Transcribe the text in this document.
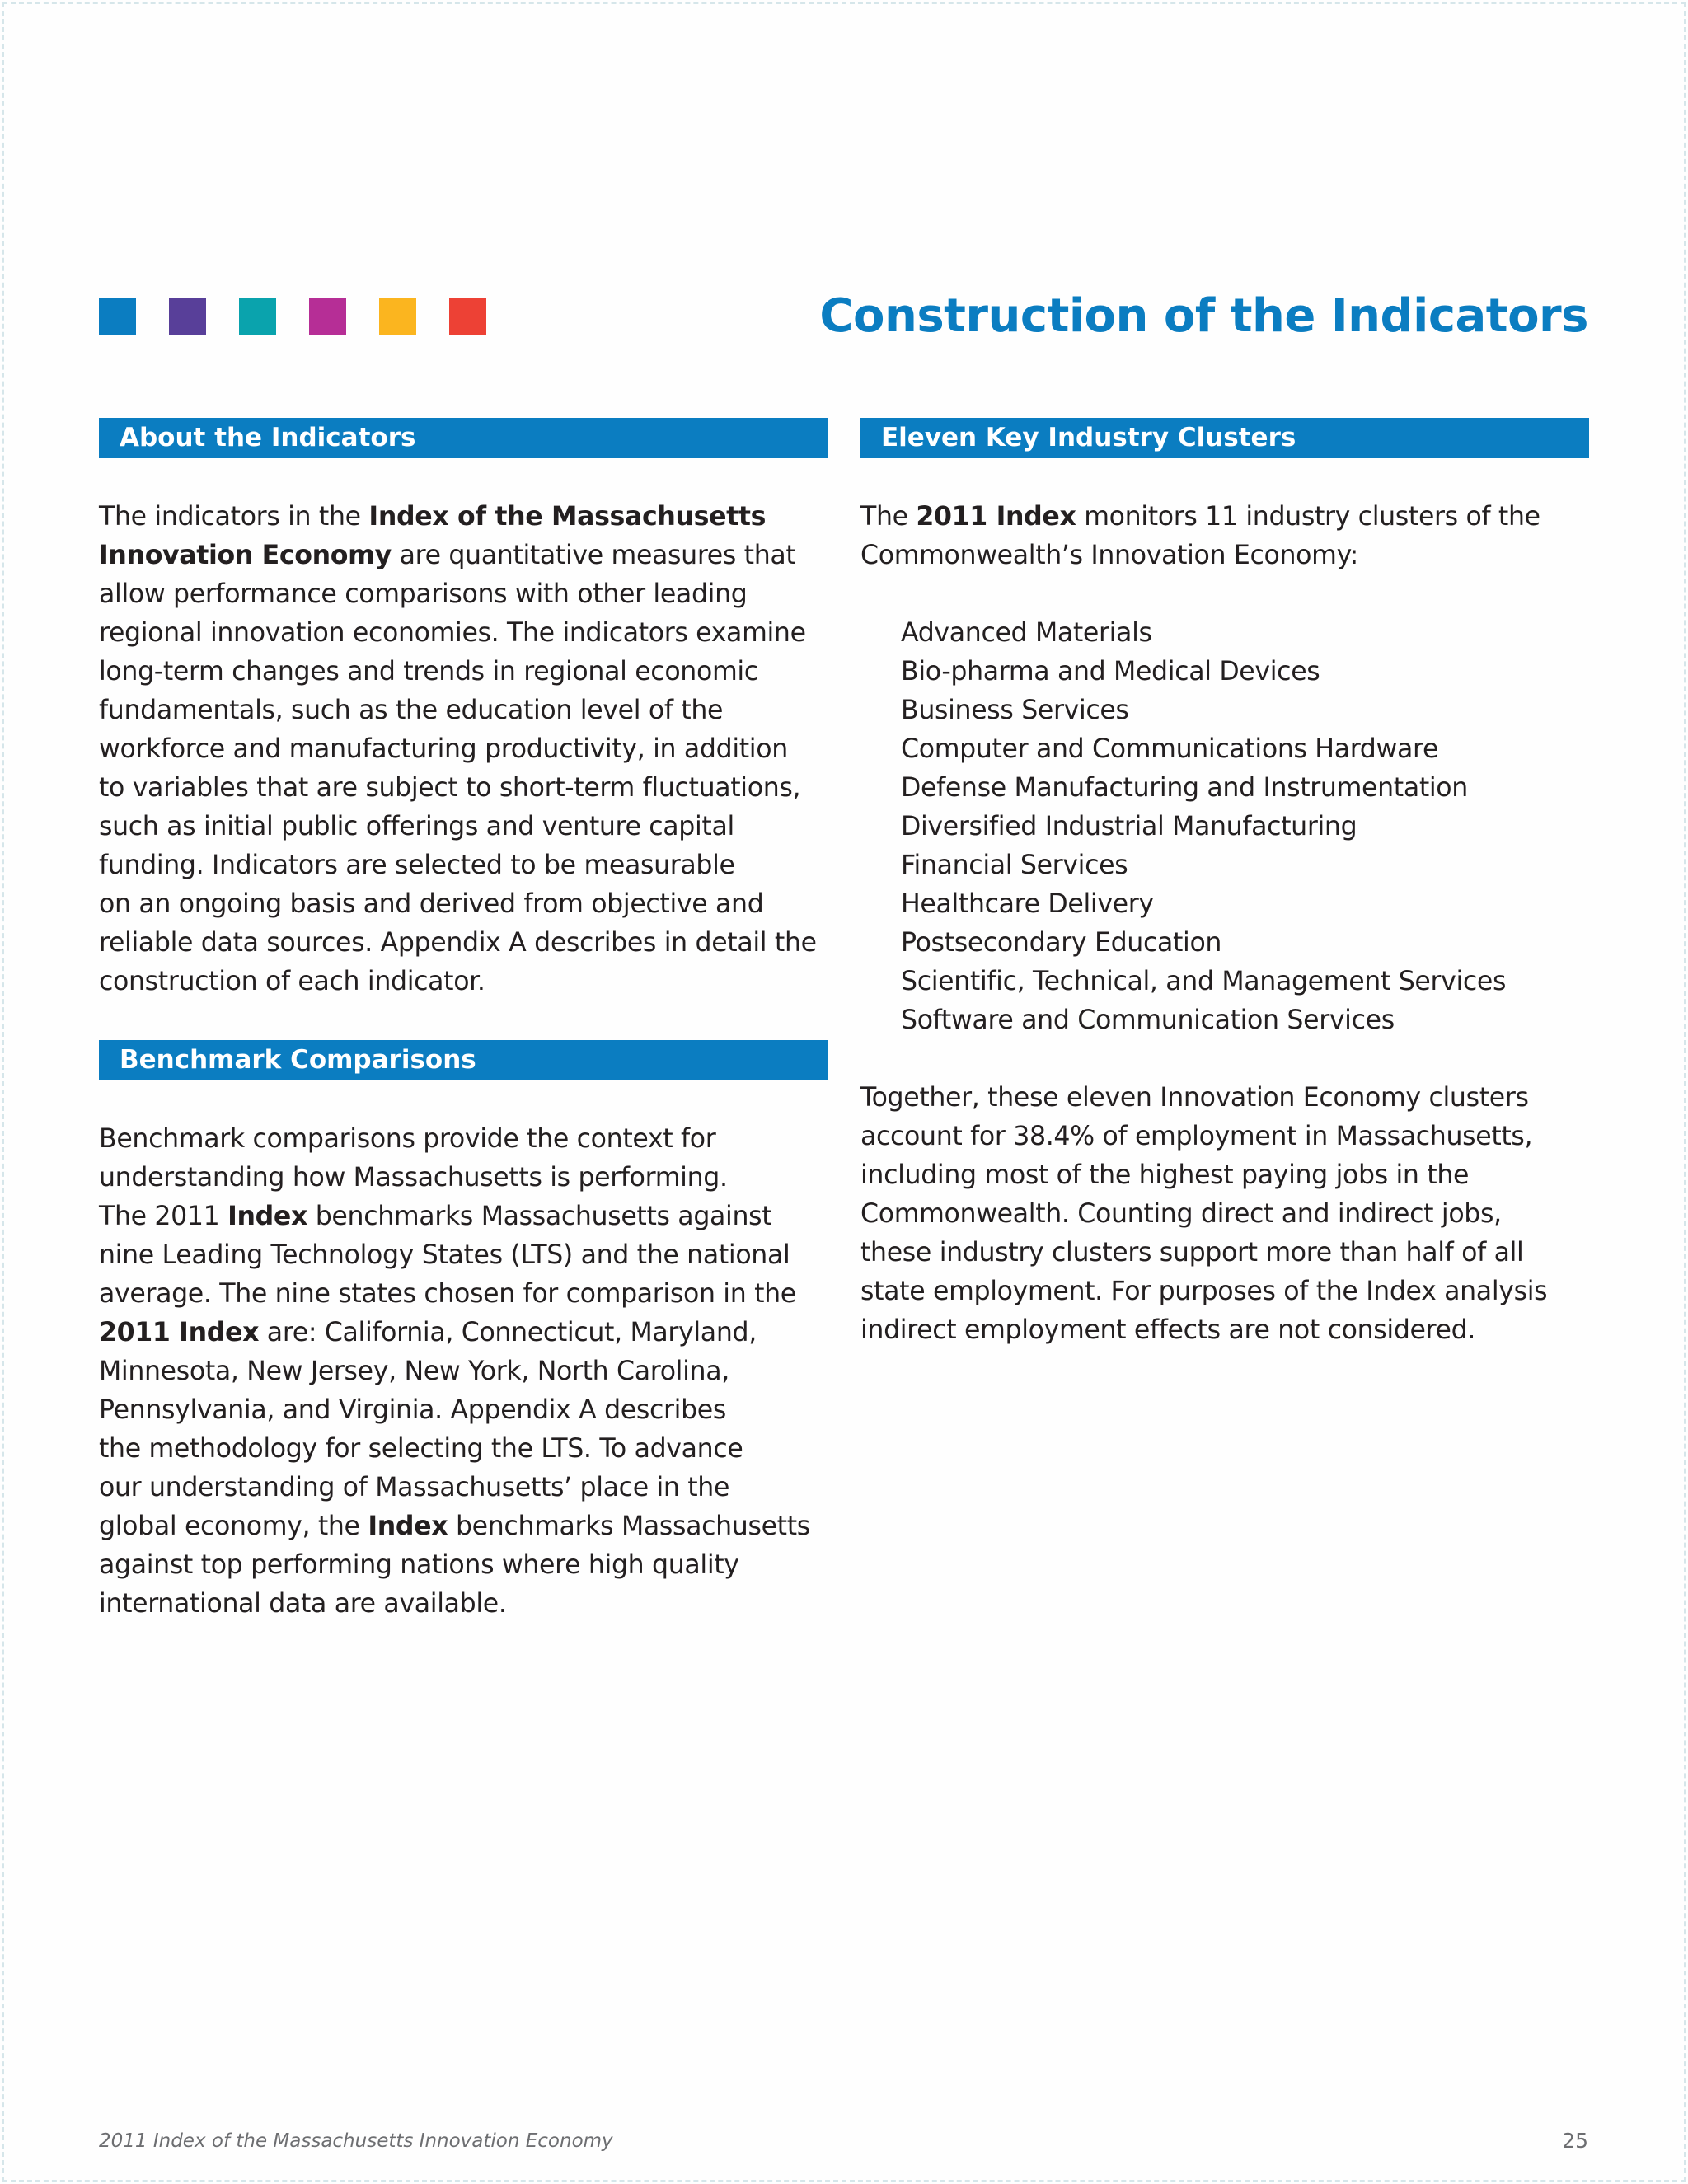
Construction of the Indicators
About the Indicators

The indicators in the Index of the Massachusetts
Innovation Economy are quantitative measures that
allow performance comparisons with other leading
regional innovation economies. The indicators examine
long-term changes and trends in regional economic
fundamentals, such as the education level of the
workforce and manufacturing productivity, in addition
to variables that are subject to short-term fluctuations,
such as initial public offerings and venture capital
funding. Indicators are selected to be measurable
on an ongoing basis and derived from objective and
reliable data sources. Appendix A describes in detail the
construction of each indicator.

Benchmark Comparisons

Benchmark comparisons provide the context for
understanding how Massachusetts is performing.
The 2011 Index benchmarks Massachusetts against
nine Leading Technology States (LTS) and the national
average. The nine states chosen for comparison in the
2011 Index are: California, Connecticut, Maryland,
Minnesota, New Jersey, New York, North Carolina,
Pennsylvania, and Virginia. Appendix A describes
the methodology for selecting the LTS. To advance
our understanding of Massachusetts’ place in the
global economy, the Index benchmarks Massachusetts
against top performing nations where high quality
international data are available.

Eleven Key Industry Clusters

The 2011 Index monitors 11 industry clusters of the
Commonwealth’s Innovation Economy:

Advanced Materials
Bio-pharma and Medical Devices
Business Services
Computer and Communications Hardware
Defense Manufacturing and Instrumentation
Diversified Industrial Manufacturing
Financial Services
Healthcare Delivery
Postsecondary Education
Scientific, Technical, and Management Services
Software and Communication Services

Together, these eleven Innovation Economy clusters
account for 38.4% of employment in Massachusetts,
including most of the highest paying jobs in the
Commonwealth. Counting direct and indirect jobs,
these industry clusters support more than half of all
state employment. For purposes of the Index analysis
indirect employment effects are not considered.

2011 Index of the Massachusetts Innovation Economy	25
